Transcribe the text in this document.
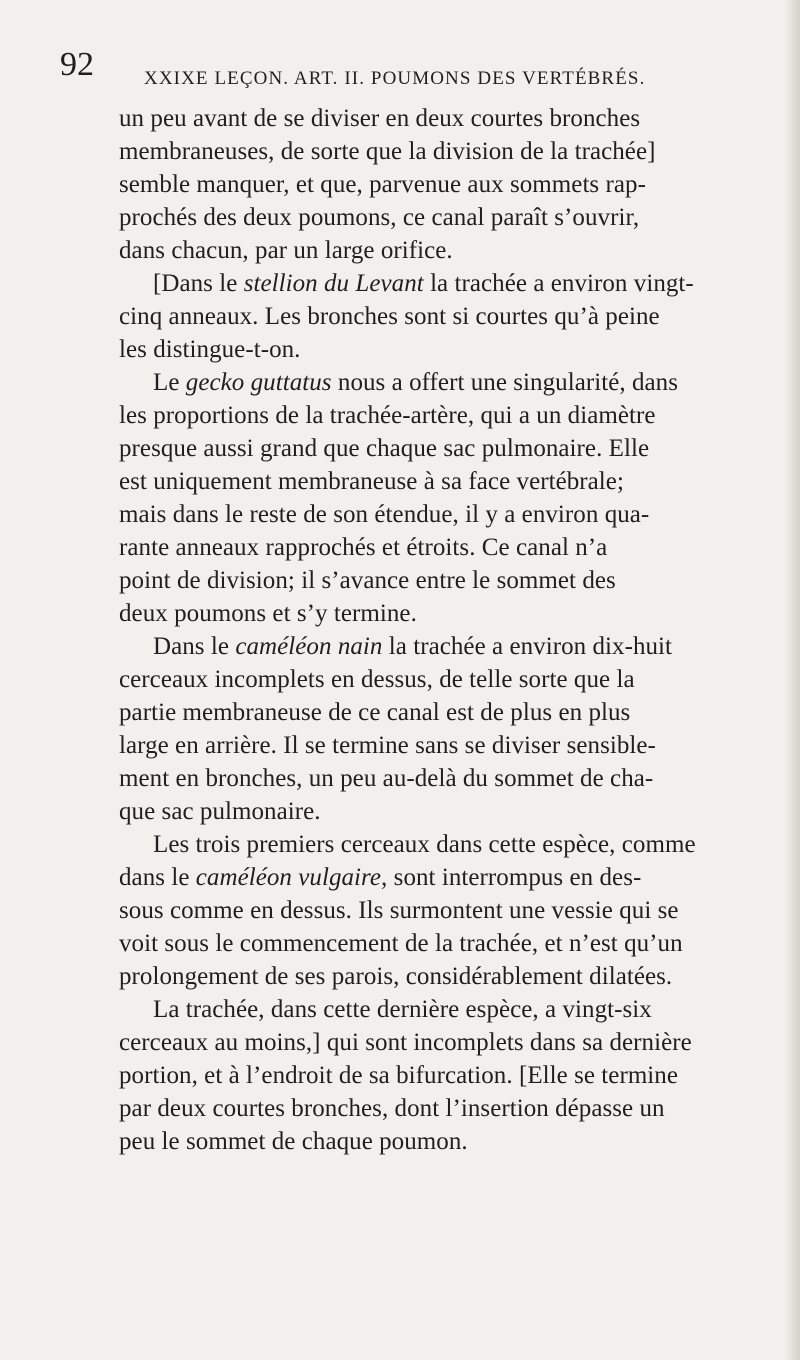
92	XXIXE LEÇON. ART. II. POUMONS DES VERTÉBRÉS.
un peu avant de se diviser en deux courtes bronches
membraneuses, de sorte que la division de la trachée]
semble manquer, et que, parvenue aux sommets rap-
prochés des deux poumons, ce canal paraît s’ouvrir,
dans chacun, par un large orifice.
[Dans le stellion du Levant la trachée a environ vingt-
cinq anneaux. Les bronches sont si courtes qu’à peine
les distingue-t-on.
Le gecko guttatus nous a offert une singularité, dans
les proportions de la trachée-artère, qui a un diamètre
presque aussi grand que chaque sac pulmonaire. Elle
est uniquement membraneuse à sa face vertébrale;
mais dans le reste de son étendue, il y a environ qua-
rante anneaux rapprochés et étroits. Ce canal n’a
point de division; il s’avance entre le sommet des
deux poumons et s’y termine.
Dans le caméléon nain la trachée a environ dix-huit
cerceaux incomplets en dessus, de telle sorte que la
partie membraneuse de ce canal est de plus en plus
large en arrière. Il se termine sans se diviser sensible-
ment en bronches, un peu au-delà du sommet de cha-
que sac pulmonaire.
Les trois premiers cerceaux dans cette espèce, comme
dans le caméléon vulgaire, sont interrompus en des-
sous comme en dessus. Ils surmontent une vessie qui se
voit sous le commencement de la trachée, et n’est qu’un
prolongement de ses parois, considérablement dilatées.
La trachée, dans cette dernière espèce, a vingt-six
cerceaux au moins,] qui sont incomplets dans sa dernière
portion, et à l’endroit de sa bifurcation. [Elle se termine
par deux courtes bronches, dont l’insertion dépasse un
peu le sommet de chaque poumon.
